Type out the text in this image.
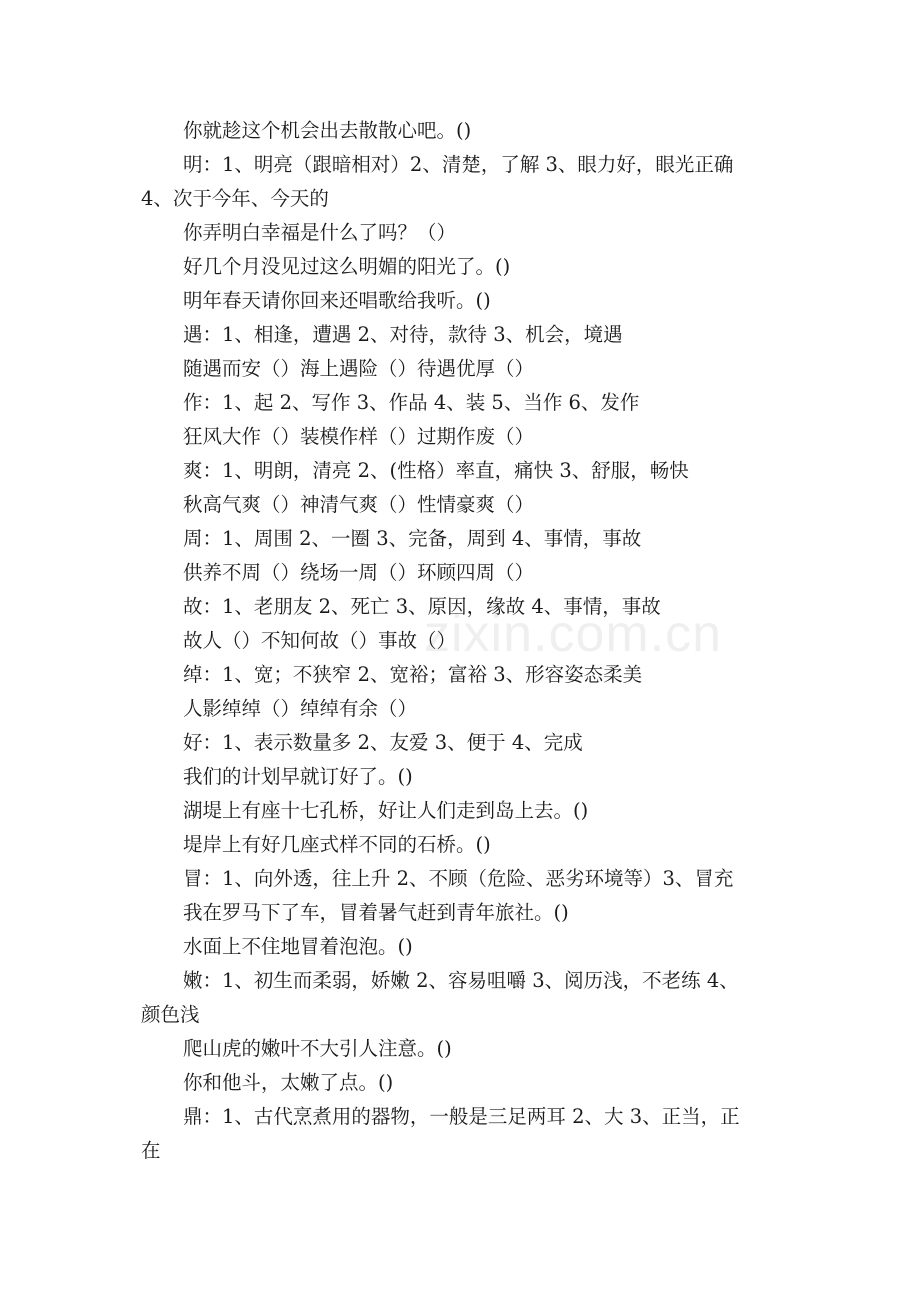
zixin.com.cn
你就趁这个机会出去散散心吧。()
明：1、明亮（跟暗相对）2、清楚，了解 3、眼力好，眼光正确
4、次于今年、今天的
你弄明白幸福是什么了吗？（）
好几个月没见过这么明媚的阳光了。()
明年春天请你回来还唱歌给我听。()
遇：1、相逢，遭遇 2、对待，款待 3、机会，境遇
随遇而安（）海上遇险（）待遇优厚（）
作：1、起 2、写作 3、作品 4、装 5、当作 6、发作
狂风大作（）装模作样（）过期作废（）
爽：1、明朗，清亮 2、(性格）率直，痛快 3、舒服，畅快
秋高气爽（）神清气爽（）性情豪爽（）
周：1、周围 2、一圈 3、完备，周到 4、事情，事故
供养不周（）绕场一周（）环顾四周（）
故：1、老朋友 2、死亡 3、原因，缘故 4、事情，事故
故人（）不知何故（）事故（）
绰：1、宽；不狭窄 2、宽裕；富裕 3、形容姿态柔美
人影绰绰（）绰绰有余（）
好：1、表示数量多 2、友爱 3、便于 4、完成
我们的计划早就订好了。()
湖堤上有座十七孔桥，好让人们走到岛上去。()
堤岸上有好几座式样不同的石桥。()
冒：1、向外透，往上升 2、不顾（危险、恶劣环境等）3、冒充
我在罗马下了车，冒着暑气赶到青年旅社。()
水面上不住地冒着泡泡。()
嫩：1、初生而柔弱，娇嫩 2、容易咀嚼 3、阅历浅，不老练 4、
颜色浅
爬山虎的嫩叶不大引人注意。()
你和他斗，太嫩了点。()
鼎：1、古代烹煮用的器物，一般是三足两耳 2、大 3、正当，正
在
